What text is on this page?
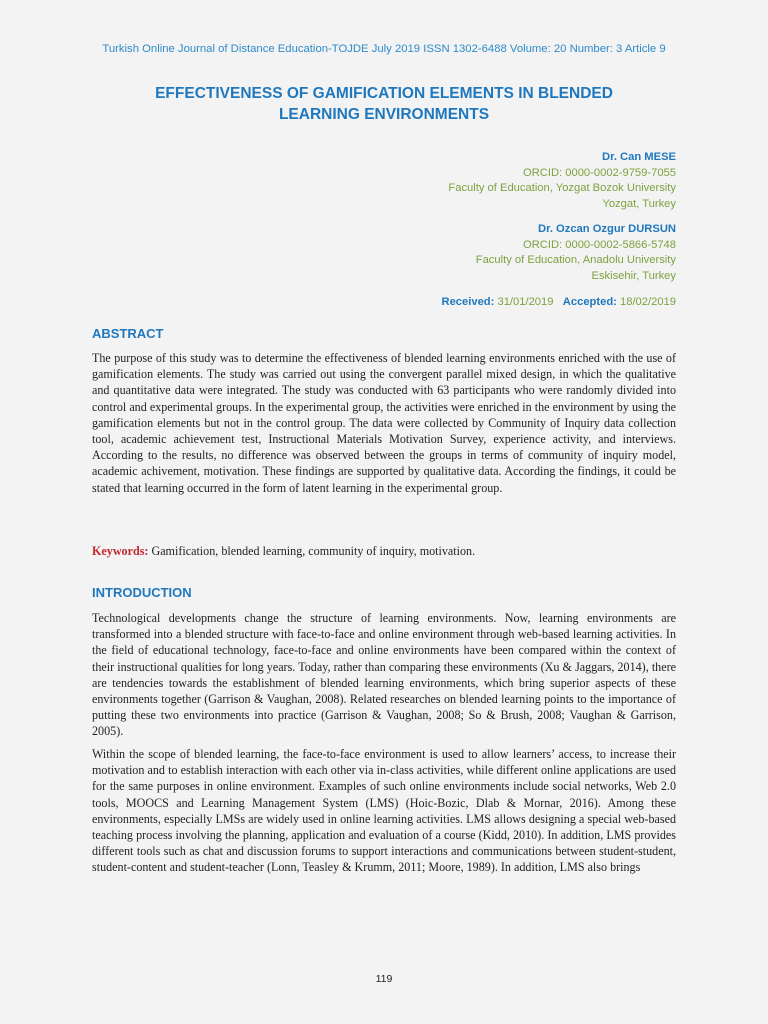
Turkish Online Journal of Distance Education-TOJDE July 2019 ISSN 1302-6488 Volume: 20 Number: 3 Article 9
EFFECTIVENESS OF GAMIFICATION ELEMENTS IN BLENDED
LEARNING ENVIRONMENTS
Dr. Can MESE
ORCID: 0000-0002-9759-7055
Faculty of Education, Yozgat Bozok University
Yozgat, Turkey
Dr. Ozcan Ozgur DURSUN
ORCID: 0000-0002-5866-5748
Faculty of Education, Anadolu University
Eskisehir, Turkey
Received: 31/01/2019 Accepted: 18/02/2019
ABSTRACT
The purpose of this study was to determine the effectiveness of blended learning environments enriched with the use of gamification elements. The study was carried out using the convergent parallel mixed design, in which the qualitative and quantitative data were integrated. The study was conducted with 63 participants who were randomly divided into control and experimental groups. In the experimental group, the activities were enriched in the environment by using the gamification elements but not in the control group. The data were collected by Community of Inquiry data collection tool, academic achievement test, Instructional Materials Motivation Survey, experience activity, and interviews. According to the results, no difference was observed between the groups in terms of community of inquiry model, academic achivement, motivation. These findings are supported by qualitative data. According the findings, it could be stated that learning occurred in the form of latent learning in the experimental group.
Keywords: Gamification, blended learning, community of inquiry, motivation.
INTRODUCTION
Technological developments change the structure of learning environments. Now, learning environments are transformed into a blended structure with face-to-face and online environment through web-based learning activities. In the field of educational technology, face-to-face and online environments have been compared within the context of their instructional qualities for long years. Today, rather than comparing these environments (Xu & Jaggars, 2014), there are tendencies towards the establishment of blended learning environments, which bring superior aspects of these environments together (Garrison & Vaughan, 2008). Related researches on blended learning points to the importance of putting these two environments into practice (Garrison & Vaughan, 2008; So & Brush, 2008; Vaughan & Garrison, 2005).
Within the scope of blended learning, the face-to-face environment is used to allow learners’ access, to increase their motivation and to establish interaction with each other via in-class activities, while different online applications are used for the same purposes in online environment. Examples of such online environments include social networks, Web 2.0 tools, MOOCS and Learning Management System (LMS) (Hoic-Bozic, Dlab & Mornar, 2016). Among these environments, especially LMSs are widely used in online learning activities. LMS allows designing a special web-based teaching process involving the planning, application and evaluation of a course (Kidd, 2010). In addition, LMS provides different tools such as chat and discussion forums to support interactions and communications between student-student, student-content and student-teacher (Lonn, Teasley & Krumm, 2011; Moore, 1989). In addition, LMS also brings
119
